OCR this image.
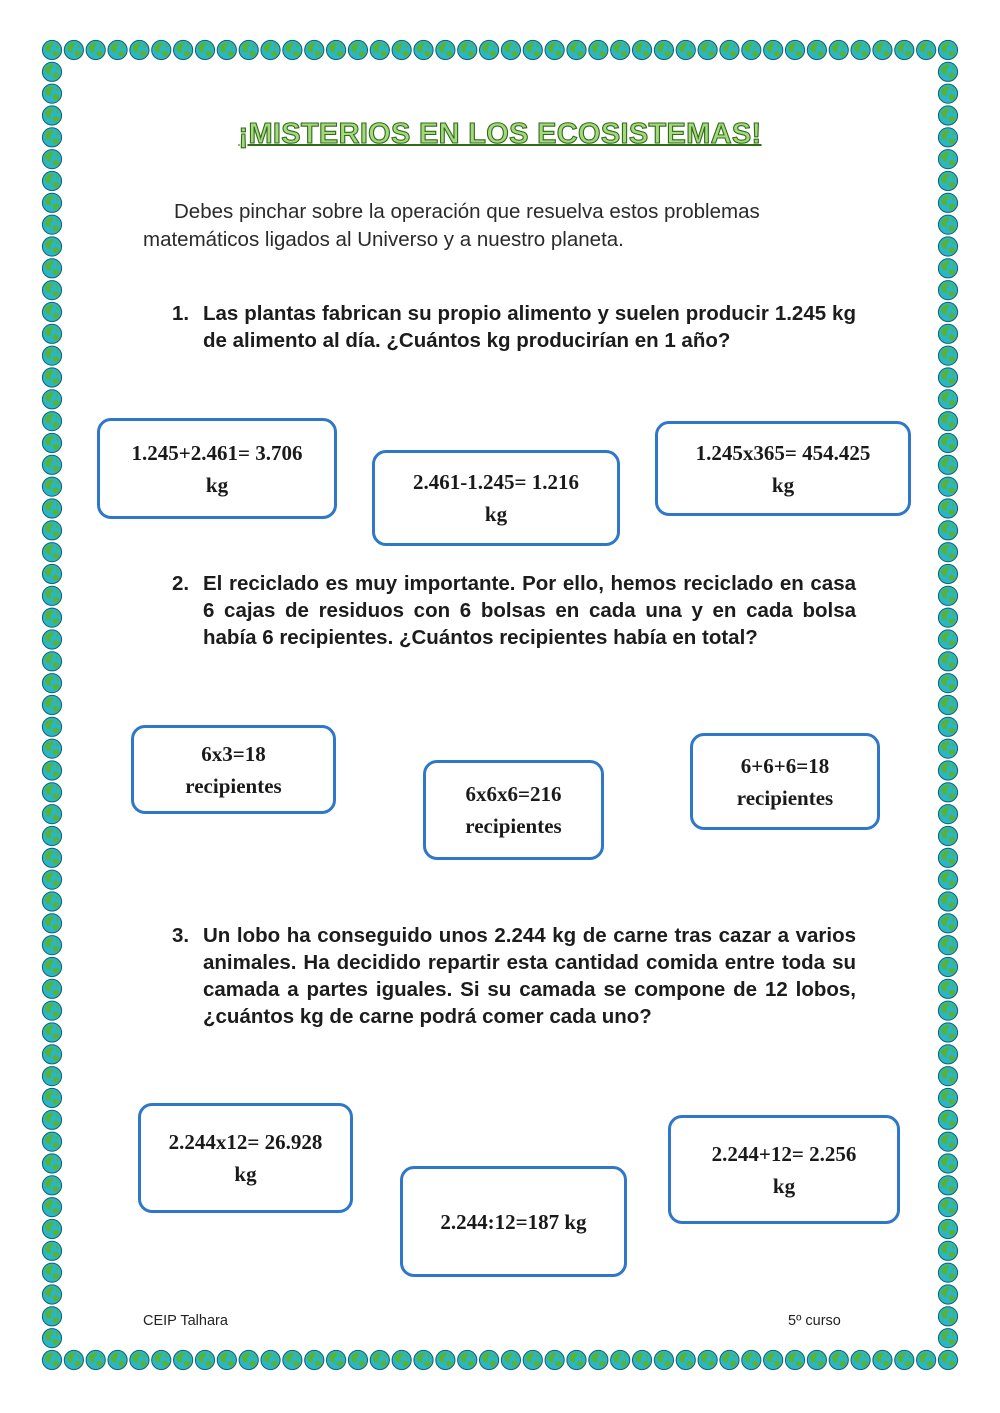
¡MISTERIOS EN LOS ECOSISTEMAS!
Debes pinchar sobre la operación que resuelva estos problemas matemáticos ligados al Universo y a nuestro planeta.
1. Las plantas fabrican su propio alimento y suelen producir 1.245 kg de alimento al día. ¿Cuántos kg producirían en 1 año?
1.245+2.461= 3.706
kg	2.461-1.245= 1.216
kg
1.245x365= 454.425
kg
2. El reciclado es muy importante. Por ello, hemos reciclado en casa 6 cajas de residuos con 6 bolsas en cada una y en cada bolsa había 6 recipientes. ¿Cuántos recipientes había en total?
6x3=18
recipientes	6x6x6=216
recipientes
6+6+6=18
recipientes
3. Un lobo ha conseguido unos 2.244 kg de carne tras cazar a varios animales. Ha decidido repartir esta cantidad comida entre toda su camada a partes iguales. Si su camada se compone de 12 lobos, ¿cuántos kg de carne podrá comer cada uno?
2.244x12= 26.928
kg
2.244:12=187 kg
2.244+12= 2.256
kg
CEIP Talhara	5º curso
